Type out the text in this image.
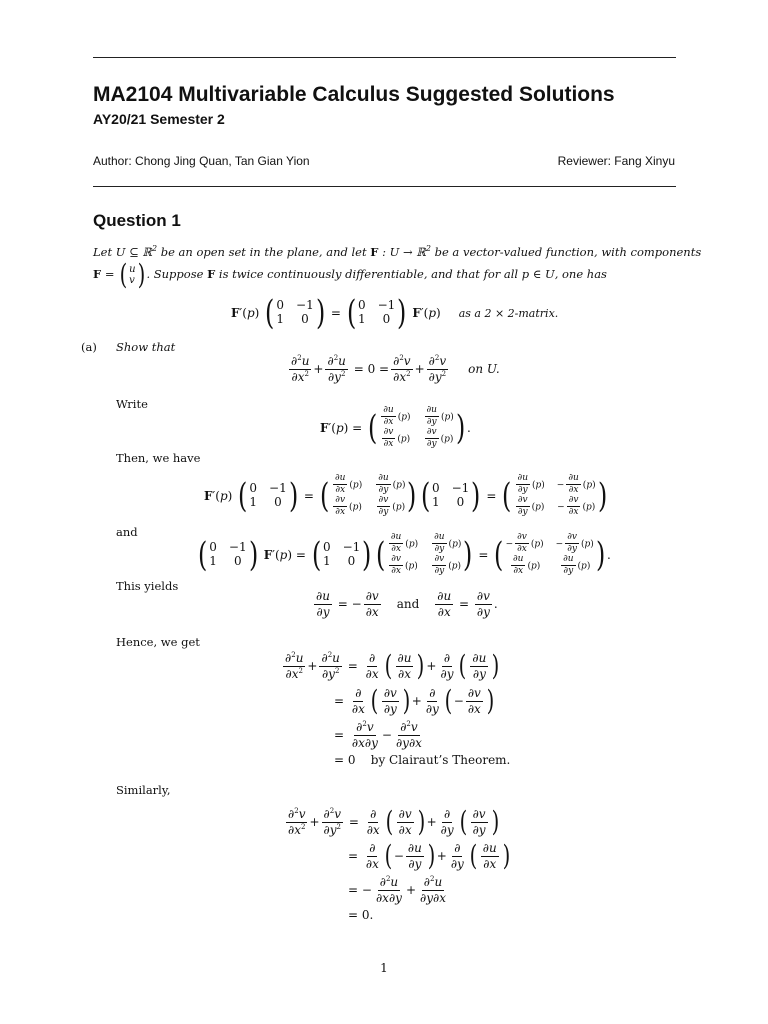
MA2104 Multivariable Calculus Suggested Solutions
AY20/21 Semester 2
Author: Chong Jing Quan, Tan Gian Yion	Reviewer: Fang Xinyu
Question 1
Let U ⊆ ℝ$^2$ be an open set in the plane, and let F : U → ℝ$^2$ be a vector-valued function, with components
F = ( u
v ) . Suppose
F
is twice continuously differentiable, and that for all
p ∈ U , one has
F ′( p ) ( 0 −1
1	0 ) = ( 0 −1
1	0 )
F ′( p ) as a 2 × 2-matrix.
(a) Show that
$\frac{\partial^2u}{\partial x^2} + \frac{\partial^2u}{\partial y^2} = 0 = \frac{\partial^2v}{\partial x^2} + \frac{\partial^2v}{\partial y^2}$ on U.
Write
F ′( p ) = ( $\frac{\partial u}{\partial x} (p) \frac{\partial u}{\partial y} (p)$
$\frac{\partial v}{\partial x} (p) \frac{\partial v}{\partial y} (p)$ ) .
Then, we have
F ′( p ) ( 0 −1
1	0 ) = ( $\frac{\partial u}{\partial x} (p) \frac{\partial u}{\partial y} (p)$
$\frac{\partial v}{\partial x} (p) \frac{\partial v}{\partial y} (p)$ ) ( 0 −1
1	0 ) = ( $\frac{\partial u}{\partial y} (p) - \frac{\partial u}{\partial x} (p)$
$\frac{\partial v}{\partial y} (p) - \frac{\partial v}{\partial x} (p)$ )
and
( 0 −1
1	0 )
F ′( p ) = ( 0 −1
1	0 ) ( $\frac{\partial u}{\partial x} (p) \frac{\partial u}{\partial y} (p)$
$\frac{\partial v}{\partial x} (p) \frac{\partial v}{\partial y} (p)$ ) = ( − $\frac{\partial v}{\partial x} (p) - \frac{\partial v}{\partial y} (p)$
$\frac{\partial u}{\partial x} (p)$	$\frac{\partial u}{\partial y} (p)$ ) .
This yields
$\frac{\partial u}{\partial y}$ = − $\frac{\partial v}{\partial x}$ and $\frac{\partial u}{\partial x} = \frac{\partial v}{\partial y}$ .
Hence, we get
$\frac{\partial^2u}{\partial x^2} + \frac{\partial^2u}{\partial y^2} = \frac{\partial}{\partial x}$ ( $\frac{\partial u}{\partial x}$ ) + $\frac{\partial}{\partial y}$ ( $\frac{\partial u}{\partial y}$ )
= $\frac{\partial}{\partial x}$ ( $\frac{\partial v}{\partial y}$ ) + $\frac{\partial}{\partial y}$ ( − $\frac{\partial v}{\partial x}$ )
= $\frac{\partial^2v}{\partial x\partial y} - \frac{\partial^2v}{\partial y\partial x}$
= 0 by Clairaut’s Theorem.
Similarly,
$\frac{\partial^2v}{\partial x^2} + \frac{\partial^2v}{\partial y^2} = \frac{\partial}{\partial x}$ ( $\frac{\partial v}{\partial x}$ ) + $\frac{\partial}{\partial y}$ ( $\frac{\partial v}{\partial y}$ )
= $\frac{\partial}{\partial x}$ ( − $\frac{\partial u}{\partial y}$ ) + $\frac{\partial}{\partial y}$ ( $\frac{\partial u}{\partial x}$ )
= − $\frac{\partial^2u}{\partial x\partial y} + \frac{\partial^2u}{\partial y\partial x}$
= 0.
1
